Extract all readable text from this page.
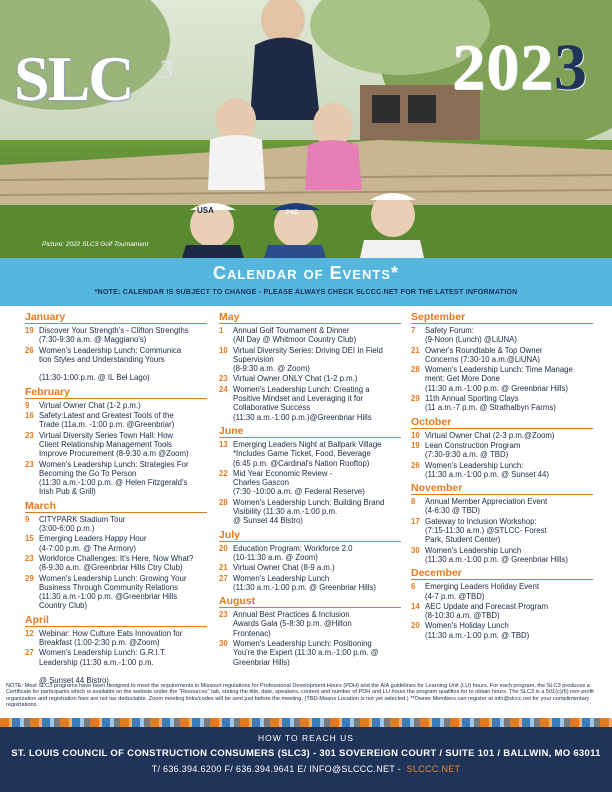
USA	PXE
SLC 3	2023
Picture: 2022 SLC3 Golf Tournament
Calendar of Events*
*NOTE: CALENDAR IS SUBJECT TO CHANGE - PLEASE ALWAYS CHECK SLCCC.NET FOR THE LATEST INFORMATION
January
19 Discover Your Strength's - Clifton Strengths
(7:30-9:30 a.m. @ Maggiano's)
26 Women's Leadership Lunch: Communica
tion Styles and Understanding Yours

(11:30-1:00 p.m. @ IL Bel Lago)
February
9	Virtual Owner Chat (1-2 p.m.)
16 Safety:Latest and Greatest Tools of the
Trade (11a.m. -1:00 p.m. @Greenbriar)
23 Virtual Diversity Series Town Hall: How
Client Relationship Management Tools
Improve Procurement (8-9:30 a.m @Zoom)
23 Women's Leadership Lunch: Strategies For
Becoming the Go To Person
(11:30 a.m.-1:00 p.m. @ Helen Fitzgerald's
Irish Pub & Grill)
March
9	CITYPARK Stadium Tour
(3:00-6:00 p.m.)
15 Emerging Leaders Happy Hour
(4-7:00 p.m. @ The Armory)
23 Workforce Challenges: It's Here, Now What?
(8-9:30 a.m. @Greenbriar Hills Ctry Club)
29 Women's Leadership Lunch: Growing Your
Business Through Community Relations
(11:30 a.m.-1:00 p.m. @Greenbriar Hills
Country Club)
April
12 Webinar: How Culture Eats Innovation for
Breakfast (1:00-2:30 p.m. @Zoom)
27 Women's Leadership Lunch: G.R.I.T.
Leadership (11:30 a.m.-1:00 p.m.

@ Sunset 44 Bistro)
May
1	Annual Golf Tournament & Dinner
(All Day @ Whitmoor Country Club)
10 Virtual Diversity Series: Driving DEI In Field
Supervision
(8-9:30 a.m. @ Zoom)
23 Virtual Owner ONLY Chat (1-2 p.m.)
24 Women's Leadership Lunch: Creating a
Positive Mindset and Leveraging it for
Collaborative Success
(11:30 a.m.-1:00 p.m.)@Greenbriar Hills
June
13 Emerging Leaders Night at Ballpark Village
*Includes Game Ticket, Food, Beverage
(6:45 p.m. @Cardinal's Nation Rooftop)
22 Mid Year Economic Review -
Charles Gascon
(7:30 -10:00 a.m. @ Federal Reserve)
28 Women's Leadership Lunch: Building Brand
Visibility (11:30 a.m.-1:00 p.m.
@ Sunset 44 Bistro)
July
20 Education Program: Workforce 2.0
(10-11:30 a.m. @ Zoom)
21 Virtual Owner Chat (8-9 a.m.)
27 Women's Leadership Lunch
(11:30 a.m.-1:00 p.m. @ Greenbriar Hills)
August
23 Annual Best Practices & Inclusion
Awards Gala (5-8:30 p.m. @Hilton
Frontenac)
30 Women's Leadership Lunch: Positioning
You're the Expert (11:30 a.m.-1:00 p.m. @
Greenbriar Hills)
September
7	Safety Forum:
(9-Noon (Lunch) @LiUNA)
21 Owner's Roundtable & Top Owner
Concerns (7:30-10 a.m.@LiUNA)
28 Women's Leadership Lunch: Time Manage
ment: Get More Done
(11:30 a.m.-1:00 p.m. @ Greenbriar Hills)
29 11th Annual Sporting Clays
(11 a.m.-7 p.m. @ Strathalbyn Farms)
October
10 Virtual Owner Chat (2-3 p.m.@Zoom)
19 Lean Construction Program
(7:30-9:30 a.m. @ TBD)
26 Women's Leadership Lunch:
(11:30 a.m.-1:00 p.m. @ Sunset 44)
November
8	Annual Member Appreciation Event
(4-6:30 @ TBD)
17 Gateway to Inclusion Workshop:
(7:15-11:30 a.m.) @STLCC- Forest
Park, Student Center)
30 Women's Leadership Lunch
(11:30 a.m.-1:00 p.m. @ Greenbriar Hills)
December
6	Emerging Leaders Holiday Event
(4-7 p.m. @TBD)
14 AEC Update and Forecast Program
(8-10:30 a.m. @TBD)
20 Women's Holiday Lunch
(11:30 a.m.-1:00 p.m. @ TBD)
NOTE: Most SLC3 programs have been designed to meet the requirements in Missouri regulations for Professional Development Hours (PDH) and the AIA guidelines for Learning Unit (LU) hours. For each program, the SLC3 produces a Certificate for participants which is available on the website under the "Resources" tab, stating the title, date, speakers, content and number of PDH and LU hours the program qualifies for to obtain hours. The SLC3 is a 501(c)(6) non-profit organization and registration fees are not tax deductable. Zoom meeting links/codes will be sent just before the meeting. (TBD-Means Location is not yet selected.) **Owner Members can register at info@slccc.net for your complimentary registrations.
HOW TO REACH US
ST. LOUIS COUNCIL OF CONSTRUCTION CONSUMERS (SLC3) - 301 SOVEREIGN COURT / SUITE 101 / BALLWIN, MO 63011
T/ 636.394.6200 F/ 636.394.9641 E/ INFO@SLCCC.NET - SLCCC.NET
